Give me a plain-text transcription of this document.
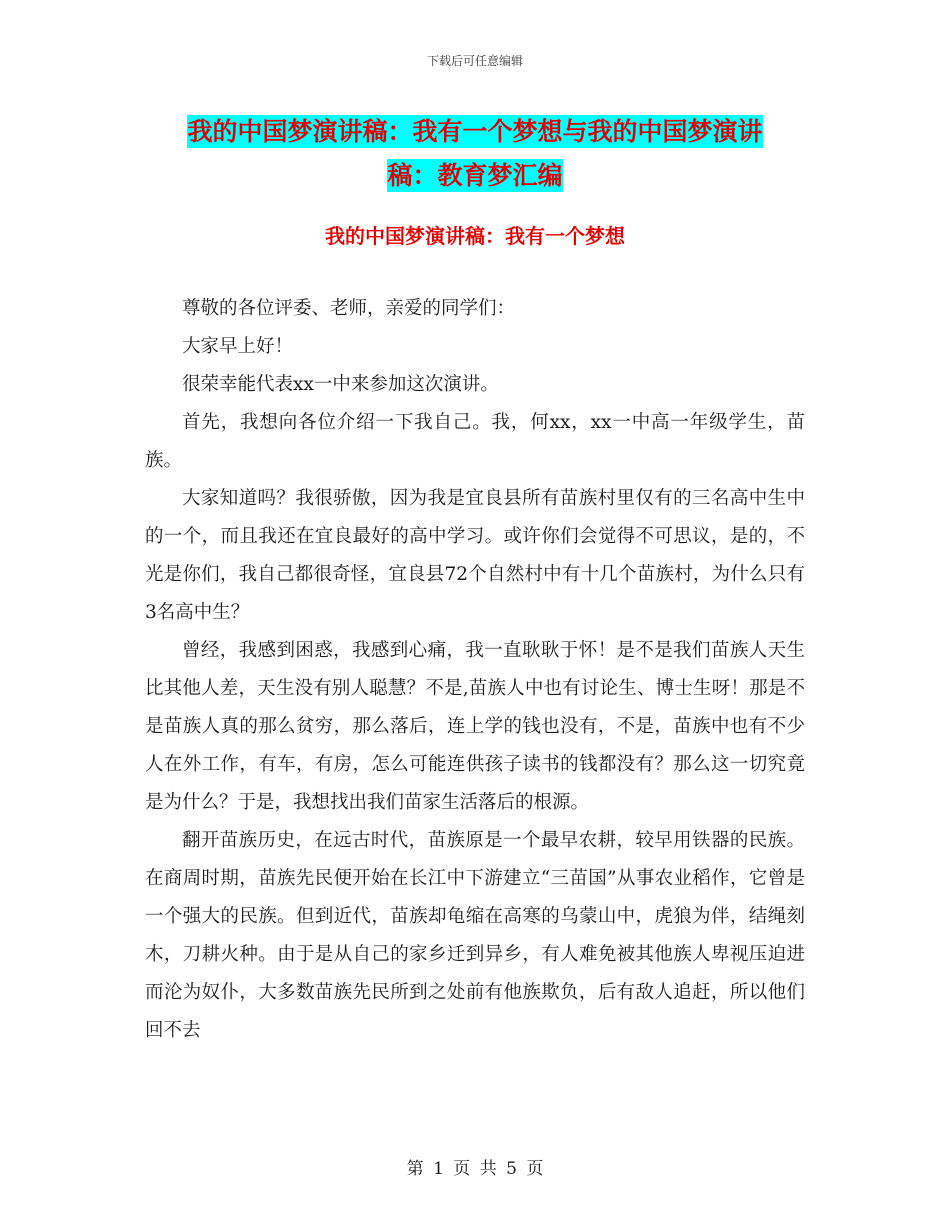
下载后可任意编辑
我的中国梦演讲稿：我有一个梦想与我的中国梦演讲
稿：教育梦汇编
我的中国梦演讲稿：我有一个梦想

尊敬的各位评委、老师，亲爱的同学们：

大家早上好！

很荣幸能代表xx一中来参加这次演讲。

首先，我想向各位介绍一下我自己。我，何xx，xx一中高一年级学生，苗族。

大家知道吗？我很骄傲，因为我是宜良县所有苗族村里仅有的三名高中生中的一个，而且我还在宜良最好的高中学习。或许你们会觉得不可思议，是的，不光是你们，我自己都很奇怪，宜良县72个自然村中有十几个苗族村，为什么只有3名高中生？

曾经，我感到困惑，我感到心痛，我一直耿耿于怀！是不是我们苗族人天生比其他人差，天生没有别人聪慧？不是,苗族人中也有讨论生、博士生呀！那是不是苗族人真的那么贫穷，那么落后，连上学的钱也没有，不是，苗族中也有不少人在外工作，有车，有房，怎么可能连供孩子读书的钱都没有？那么这一切究竟是为什么？于是，我想找出我们苗家生活落后的根源。

翻开苗族历史，在远古时代，苗族原是一个最早农耕，较早用铁器的民族。在商周时期，苗族先民便开始在长江中下游建立“三苗国”从事农业稻作，它曾是一个强大的民族。但到近代，苗族却龟缩在高寒的乌蒙山中，虎狼为伴，结绳刻木，刀耕火种。由于是从自己的家乡迁到异乡，有人难免被其他族人卑视压迫进而沦为奴仆，大多数苗族先民所到之处前有他族欺负，后有敌人追赶，所以他们回不去

第 1 页 共 5 页
